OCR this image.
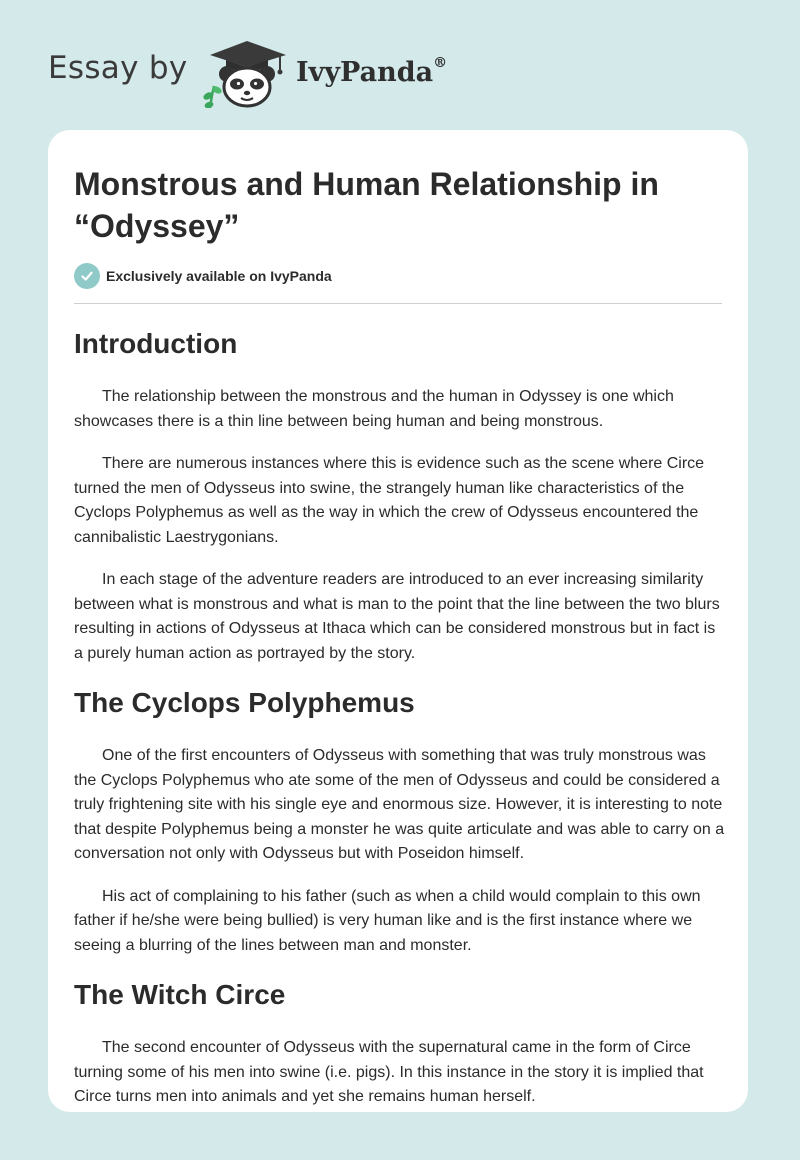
Essay by	IvyPanda®
Monstrous and Human Relationship in “Odyssey”
Exclusively available on IvyPanda
Introduction

The relationship between the monstrous and the human in Odyssey is one which showcases there is a thin line between being human and being monstrous.

There are numerous instances where this is evidence such as the scene where Circe turned the men of Odysseus into swine, the strangely human like characteristics of the Cyclops Polyphemus as well as the way in which the crew of Odysseus encountered the cannibalistic Laestrygonians.

In each stage of the adventure readers are introduced to an ever increasing similarity between what is monstrous and what is man to the point that the line between the two blurs resulting in actions of Odysseus at Ithaca which can be considered monstrous but in fact is a purely human action as portrayed by the story.

The Cyclops Polyphemus

One of the first encounters of Odysseus with something that was truly monstrous was the Cyclops Polyphemus who ate some of the men of Odysseus and could be considered a truly frightening site with his single eye and enormous size. However, it is interesting to note that despite Polyphemus being a monster he was quite articulate and was able to carry on a conversation not only with Odysseus but with Poseidon himself.

His act of complaining to his father (such as when a child would complain to this own father if he/she were being bullied) is very human like and is the first instance where we seeing a blurring of the lines between man and monster.

The Witch Circe

The second encounter of Odysseus with the supernatural came in the form of Circe turning some of his men into swine (i.e. pigs). In this instance in the story it is implied that Circe turns men into animals and yet she remains human herself.
